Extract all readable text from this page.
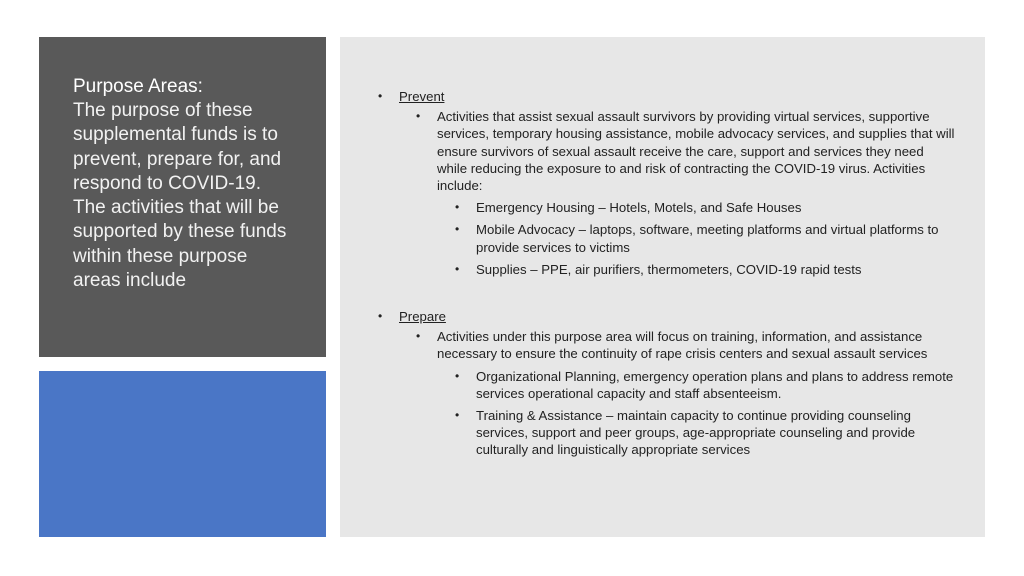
Purpose Areas:
The purpose of these supplemental funds is to prevent, prepare for, and respond to COVID-19. The activities that will be supported by these funds within these purpose areas include
•	Prevent
•	Activities that assist sexual assault survivors by providing virtual services, supportive services, temporary housing assistance, mobile advocacy services, and supplies that will ensure survivors of sexual assault receive the care, support and services they need while reducing the exposure to and risk of contracting the COVID-19 virus. Activities include:
•	Emergency Housing – Hotels, Motels, and Safe Houses
•	Mobile Advocacy – laptops, software, meeting platforms and virtual platforms to provide services to victims
•	Supplies – PPE, air purifiers, thermometers, COVID-19 rapid tests
•	Prepare
•	Activities under this purpose area will focus on training, information, and assistance necessary to ensure the continuity of rape crisis centers and sexual assault services
•	Organizational Planning, emergency operation plans and plans to address remote services operational capacity and staff absenteeism.
•	Training & Assistance – maintain capacity to continue providing counseling services, support and peer groups, age-appropriate counseling and provide culturally and linguistically appropriate services
